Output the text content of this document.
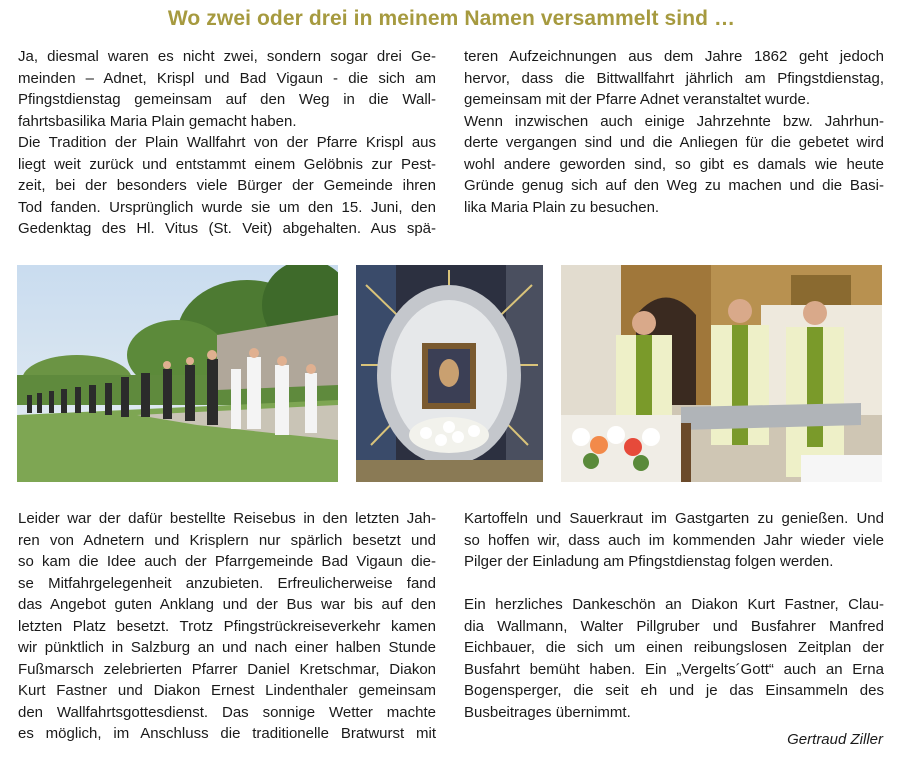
Wo zwei oder drei in meinem Namen versammelt sind …
Ja, diesmal waren es nicht zwei, sondern sogar drei Ge-
meinden – Adnet, Krispl und Bad Vigaun - die sich am
Pfingstdienstag gemeinsam auf den Weg in die Wall-
fahrtsbasilika Maria Plain gemacht haben.
Die Tradition der Plain Wallfahrt von der Pfarre Krispl aus
liegt weit zurück und entstammt einem Gelöbnis zur Pest-
zeit, bei der besonders viele Bürger der Gemeinde ihren
Tod fanden. Ursprünglich wurde sie um den 15. Juni, den
Gedenktag des Hl. Vitus (St. Veit) abgehalten. Aus spä-
teren Aufzeichnungen aus dem Jahre 1862 geht jedoch
hervor, dass die Bittwallfahrt jährlich am Pfingstdienstag,
gemeinsam mit der Pfarre Adnet veranstaltet wurde.
Wenn inzwischen auch einige Jahrzehnte bzw. Jahrhun-
derte vergangen sind und die Anliegen für die gebetet wird
wohl andere geworden sind, so gibt es damals wie heute
Gründe genug sich auf den Weg zu machen und die Basi-
lika Maria Plain zu besuchen.
Leider war der dafür bestellte Reisebus in den letzten Jah-
ren von Adnetern und Krisplern nur spärlich besetzt und
so kam die Idee auch der Pfarrgemeinde Bad Vigaun die-
se Mitfahrgelegenheit anzubieten. Erfreulicherweise fand
das Angebot guten Anklang und der Bus war bis auf den
letzten Platz besetzt. Trotz Pfingstrückreiseverkehr kamen
wir pünktlich in Salzburg an und nach einer halben Stunde
Fußmarsch zelebrierten Pfarrer Daniel Kretschmar, Diakon
Kurt Fastner und Diakon Ernest Lindenthaler gemeinsam
den Wallfahrtsgottesdienst. Das sonnige Wetter machte
es möglich, im Anschluss die traditionelle Bratwurst mit
Kartoffeln und Sauerkraut im Gastgarten zu genießen. Und
so hoffen wir, dass auch im kommenden Jahr wieder viele
Pilger der Einladung am Pfingstdienstag folgen werden.
Ein herzliches Dankeschön an Diakon Kurt Fastner, Clau-
dia Wallmann, Walter Pillgruber und Busfahrer Manfred
Eichbauer, die sich um einen reibungslosen Zeitplan der
Busfahrt bemüht haben. Ein „Vergelts´Gott“ auch an Erna
Bogensperger, die seit eh und je das Einsammeln des
Busbeitrages übernimmt.
Gertraud Ziller
